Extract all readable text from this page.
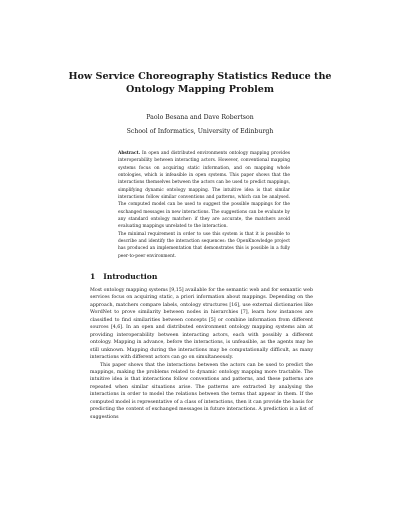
How Service Choreography Statistics Reduce the Ontology Mapping Problem
Paolo Besana and Dave Robertson
School of Informatics, University of Edinburgh

Abstract. In open and distributed environments ontology mapping provides interoperability between interacting actors. However, conventional mapping systems focus on acquiring static information, and on mapping whole ontologies, which is infeasible in open systems. This paper shows that the interactions themselves between the actors can be used to predict mappings, simplifying dynamic ontology mapping. The intuitive idea is that similar interactions follow similar conventions and patterns, which can be analysed. The computed model can be used to suggest the possible mappings for the exchanged messages in new interactions. The suggestions can be evaluate by any standard ontology matcher: if they are accurate, the matchers avoid evaluating mappings unrelated to the interaction.

The minimal requirement in order to use this system is that it is possible to describe and identify the interaction sequences: the OpenKnowledge project has produced an implementation that demonstrates this is possible in a fully peer-to-peer environment.

1 Introduction

Most ontology mapping systems [9,15] available for the semantic web and for semantic web services focus on acquiring static, a priori information about mappings. Depending on the approach, matchers compare labels, ontology structures [16], use external dictionaries like WordNet to prove similarity between nodes in hierarchies [7], learn how instances are classified to find similarities between concepts [5] or combine information from different sources [4,6]. In an open and distributed environment ontology mapping systems aim at providing interoperability between interacting actors, each with possibly a different ontology. Mapping in advance, before the interactions, is unfeasible, as the agents may be still unknown. Mapping during the interactions may be computationally difficult, as many interactions with different actors can go on simultaneously.

This paper shows that the interactions between the actors can be used to predict the mappings, making the problems related to dynamic ontology mapping more tractable. The intuitive idea is that interactions follow conventions and patterns, and these patterns are repeated when similar situations arise. The patterns are extracted by analysing the interactions in order to model the relations between the terms that appear in them. If the computed model is representative of a class of interactions, then it can provide the basis for predicting the content of exchanged messages in future interactions. A prediction is a list of suggestions
